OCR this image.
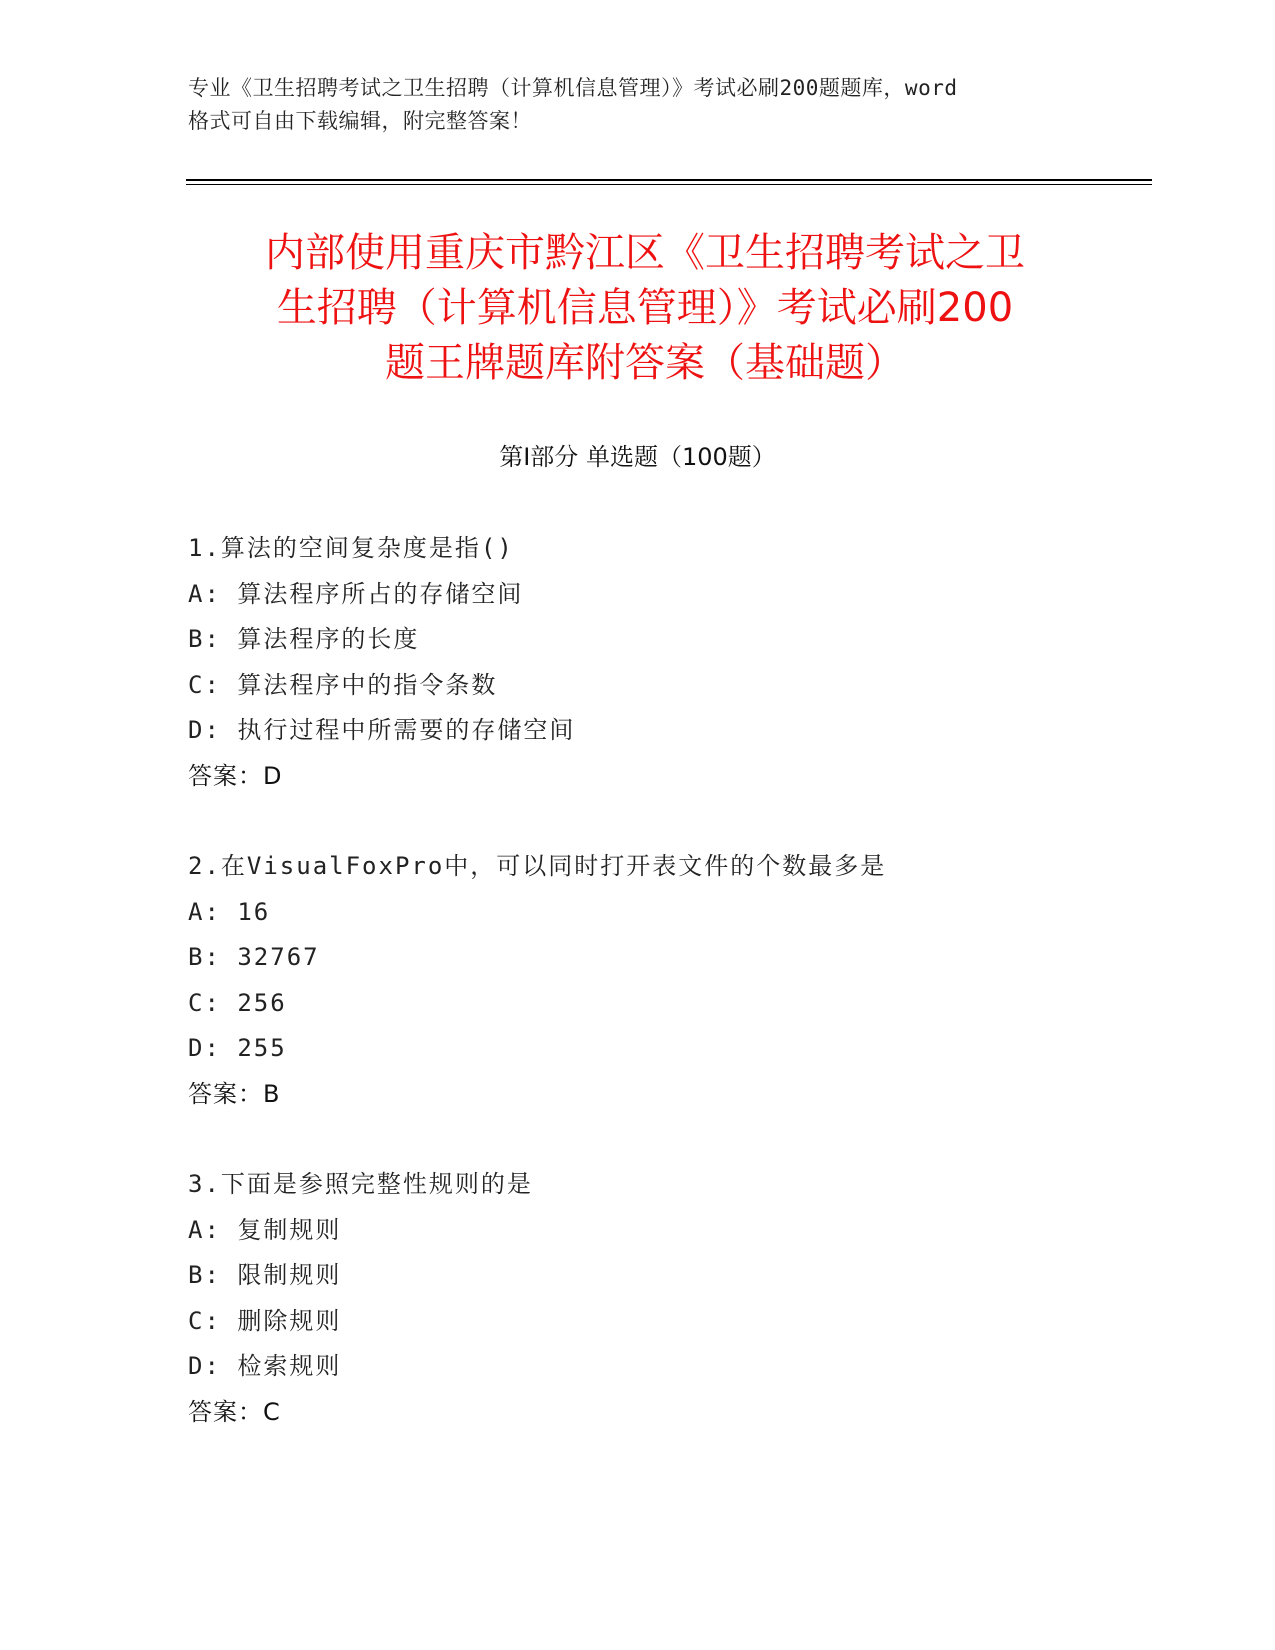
专业《卫生招聘考试之卫生招聘（计算机信息管理）》考试必刷200题题库，word
格式可自由下载编辑，附完整答案！
内部使用重庆市黔江区《卫生招聘考试之卫
生招聘（计算机信息管理）》考试必刷200
题王牌题库附答案（基础题）
第Ⅰ部分 单选题（100题）
1.算法的空间复杂度是指()
A: 算法程序所占的存储空间
B: 算法程序的长度
C: 算法程序中的指令条数
D: 执行过程中所需要的存储空间
答案：D
2.在VisualFoxPro中，可以同时打开表文件的个数最多是
A: 16
B: 32767
C: 256
D: 255
答案：B
3.下面是参照完整性规则的是
A: 复制规则
B: 限制规则
C: 删除规则
D: 检索规则
答案：C
